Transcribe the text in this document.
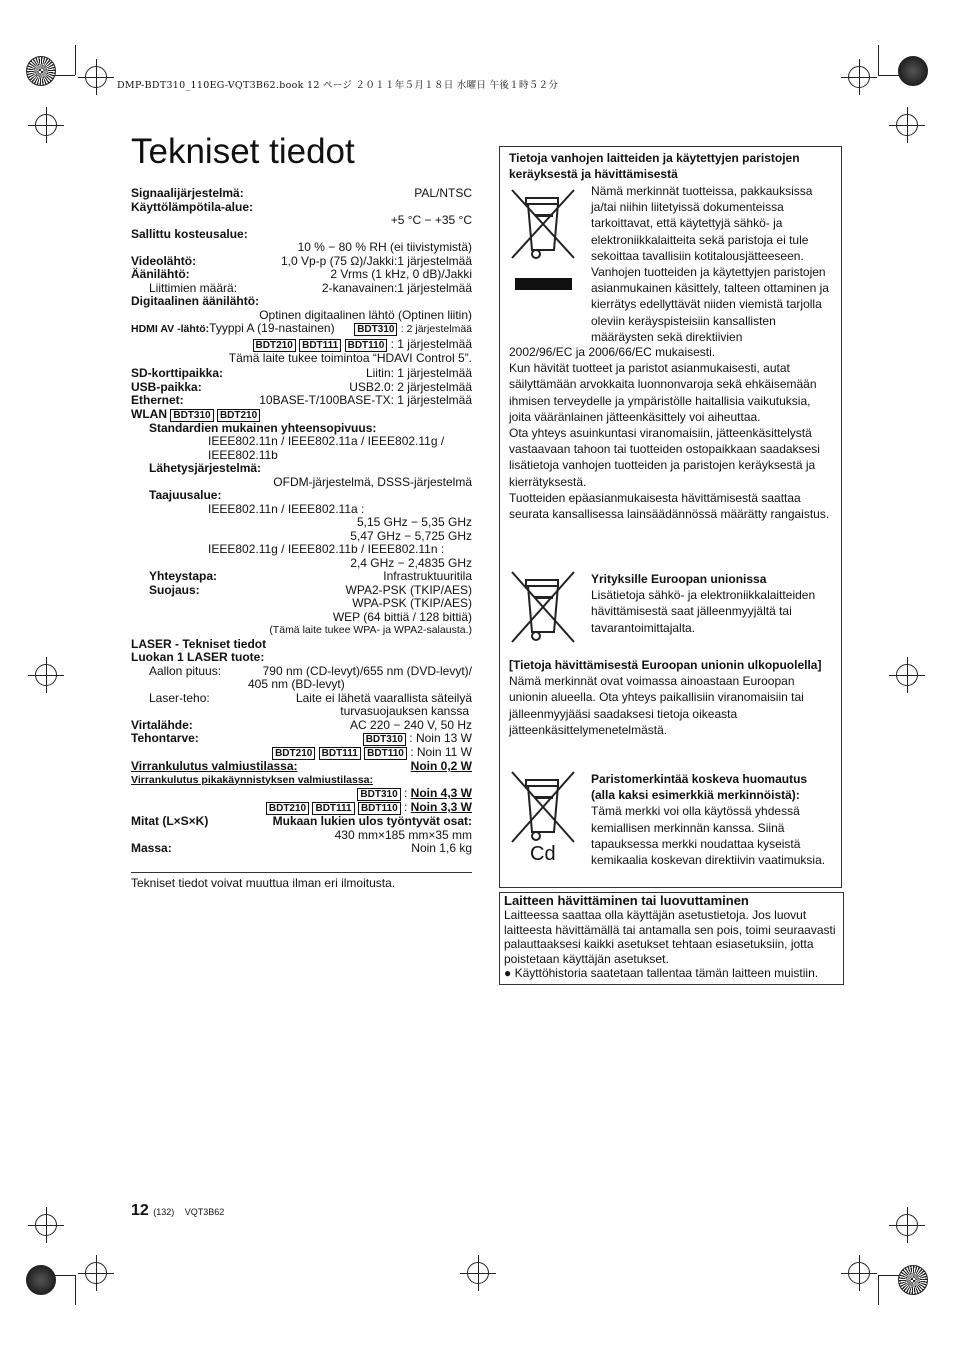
DMP-BDT310_110EG-VQT3B62.book 12 ページ ２０１１年５月１８日 水曜日 午後１時５２分
Tekniset tiedot
Signaalijärjestelmä:	PAL/NTSC
Käyttölämpötila-alue:
+5 °C − +35 °C
Sallittu kosteusalue:
10 % − 80 % RH (ei tiivistymistä)
Videolähtö:	1,0 Vp-p (75 Ω)/Jakki:1 järjestelmää
Äänilähtö:	2 Vrms (1 kHz, 0 dB)/Jakki
Liittimien määrä:	2-kanavainen:1 järjestelmää
Digitaalinen äänilähtö:
Optinen digitaalinen lähtö (Optinen liitin)
HDMI AV -lähtö:Tyyppi A (19-nastainen)	BDT310 : 2 järjestelmää
BDT210 BDT111 BDT110 : 1 järjestelmää
Tämä laite tukee toimintoa “HDAVI Control 5”.
SD-korttipaikka:	Liitin: 1 järjestelmää
USB-paikka:	USB2.0: 2 järjestelmää
Ethernet:	10BASE-T/100BASE-TX: 1 järjestelmää
WLAN BDT310 BDT210
Standardien mukainen yhteensopivuus:
IEEE802.11n / IEEE802.11a / IEEE802.11g /
IEEE802.11b
Lähetysjärjestelmä:
OFDM-järjestelmä, DSSS-järjestelmä
Taajuusalue:
IEEE802.11n / IEEE802.11a :
5,15 GHz − 5,35 GHz
5,47 GHz − 5,725 GHz
IEEE802.11g / IEEE802.11b / IEEE802.11n :
2,4 GHz − 2,4835 GHz
Yhteystapa:	Infrastruktuuritila
Suojaus:	WPA2-PSK (TKIP/AES)
WPA-PSK (TKIP/AES)
WEP (64 bittiä / 128 bittiä)
(Tämä laite tukee WPA- ja WPA2-salausta.)
LASER - Tekniset tiedot
Luokan 1 LASER tuote:
Aallon pituus:	790 nm (CD-levyt)/655 nm (DVD-levyt)/
405 nm (BD-levyt)
Laser-teho:	Laite ei lähetä vaarallista säteilyä
turvasuojauksen kanssa
Virtalähde:	AC 220 − 240 V, 50 Hz
Tehontarve:	BDT310 : Noin 13 W
BDT210 BDT111 BDT110 : Noin 11 W
Virrankulutus valmiustilassa:	Noin 0,2 W
Virrankulutus pikakäynnistyksen valmiustilassa:
BDT310 : Noin 4,3 W
BDT210 BDT111 BDT110 : Noin 3,3 W
Mitat (L×S×K)	Mukaan lukien ulos työntyvät osat:
430 mm×185 mm×35 mm
Massa:	Noin 1,6 kg
Tekniset tiedot voivat muuttua ilman eri ilmoitusta.
Tietoja vanhojen laitteiden ja käytettyjen paristojen
keräyksestä ja hävittämisestä
Nämä merkinnät tuotteissa, pakkauksissa ja/tai niihin liitetyissä dokumenteissa tarkoittavat, että käytettyjä sähkö- ja elektroniikkalaitteita sekä paristoja ei tule sekoittaa tavallisiin kotitalousjätteeseen. Vanhojen tuotteiden ja käytettyjen paristojen asianmukainen käsittely, talteen ottaminen ja kierrätys edellyttävät niiden viemistä tarjolla oleviin keräyspisteisiin kansallisten määräysten sekä direktiivien
2002/96/EC ja 2006/66/EC mukaisesti.
Kun hävität tuotteet ja paristot asianmukaisesti, autat säilyttämään arvokkaita luonnonvaroja sekä ehkäisemään ihmisen terveydelle ja ympäristölle haitallisia vaikutuksia, joita vääränlainen jätteenkäsittely voi aiheuttaa.
Ota yhteys asuinkuntasi viranomaisiin, jätteenkäsittelystä vastaavaan tahoon tai tuotteiden ostopaikkaan saadaksesi lisätietoja vanhojen tuotteiden ja paristojen keräyksestä ja kierrätyksestä.
Tuotteiden epäasianmukaisesta hävittämisestä saattaa seurata kansallisessa lainsäädännössä määrätty rangaistus.
Yrityksille Euroopan unionissa
Lisätietoja sähkö- ja elektroniikkalaitteiden hävittämisestä saat jälleenmyyjältä tai tavarantoimittajalta.
[Tietoja hävittämisestä Euroopan unionin ulkopuolella]
Nämä merkinnät ovat voimassa ainoastaan Euroopan unionin alueella. Ota yhteys paikallisiin viranomaisiin tai jälleenmyyjääsi saadaksesi tietoja oikeasta jätteenkäsittelymenetelmästä.
Cd
Paristomerkintää koskeva huomautus (alla kaksi esimerkkiä merkinnöistä):
Tämä merkki voi olla käytössä yhdessä kemiallisen merkinnän kanssa. Siinä tapauksessa merkki noudattaa kyseistä kemikaalia koskevan direktiivin vaatimuksia.
Laitteen hävittäminen tai luovuttaminen
Laitteessa saattaa olla käyttäjän asetustietoja. Jos luovut laitteesta hävittämällä tai antamalla sen pois, toimi seuraavasti palauttaaksesi kaikki asetukset tehtaan esiasetuksiin, jotta poistetaan käyttäjän asetukset.
● Käyttöhistoria saatetaan tallentaa tämän laitteen muistiin.
12 (132) VQT3B62
